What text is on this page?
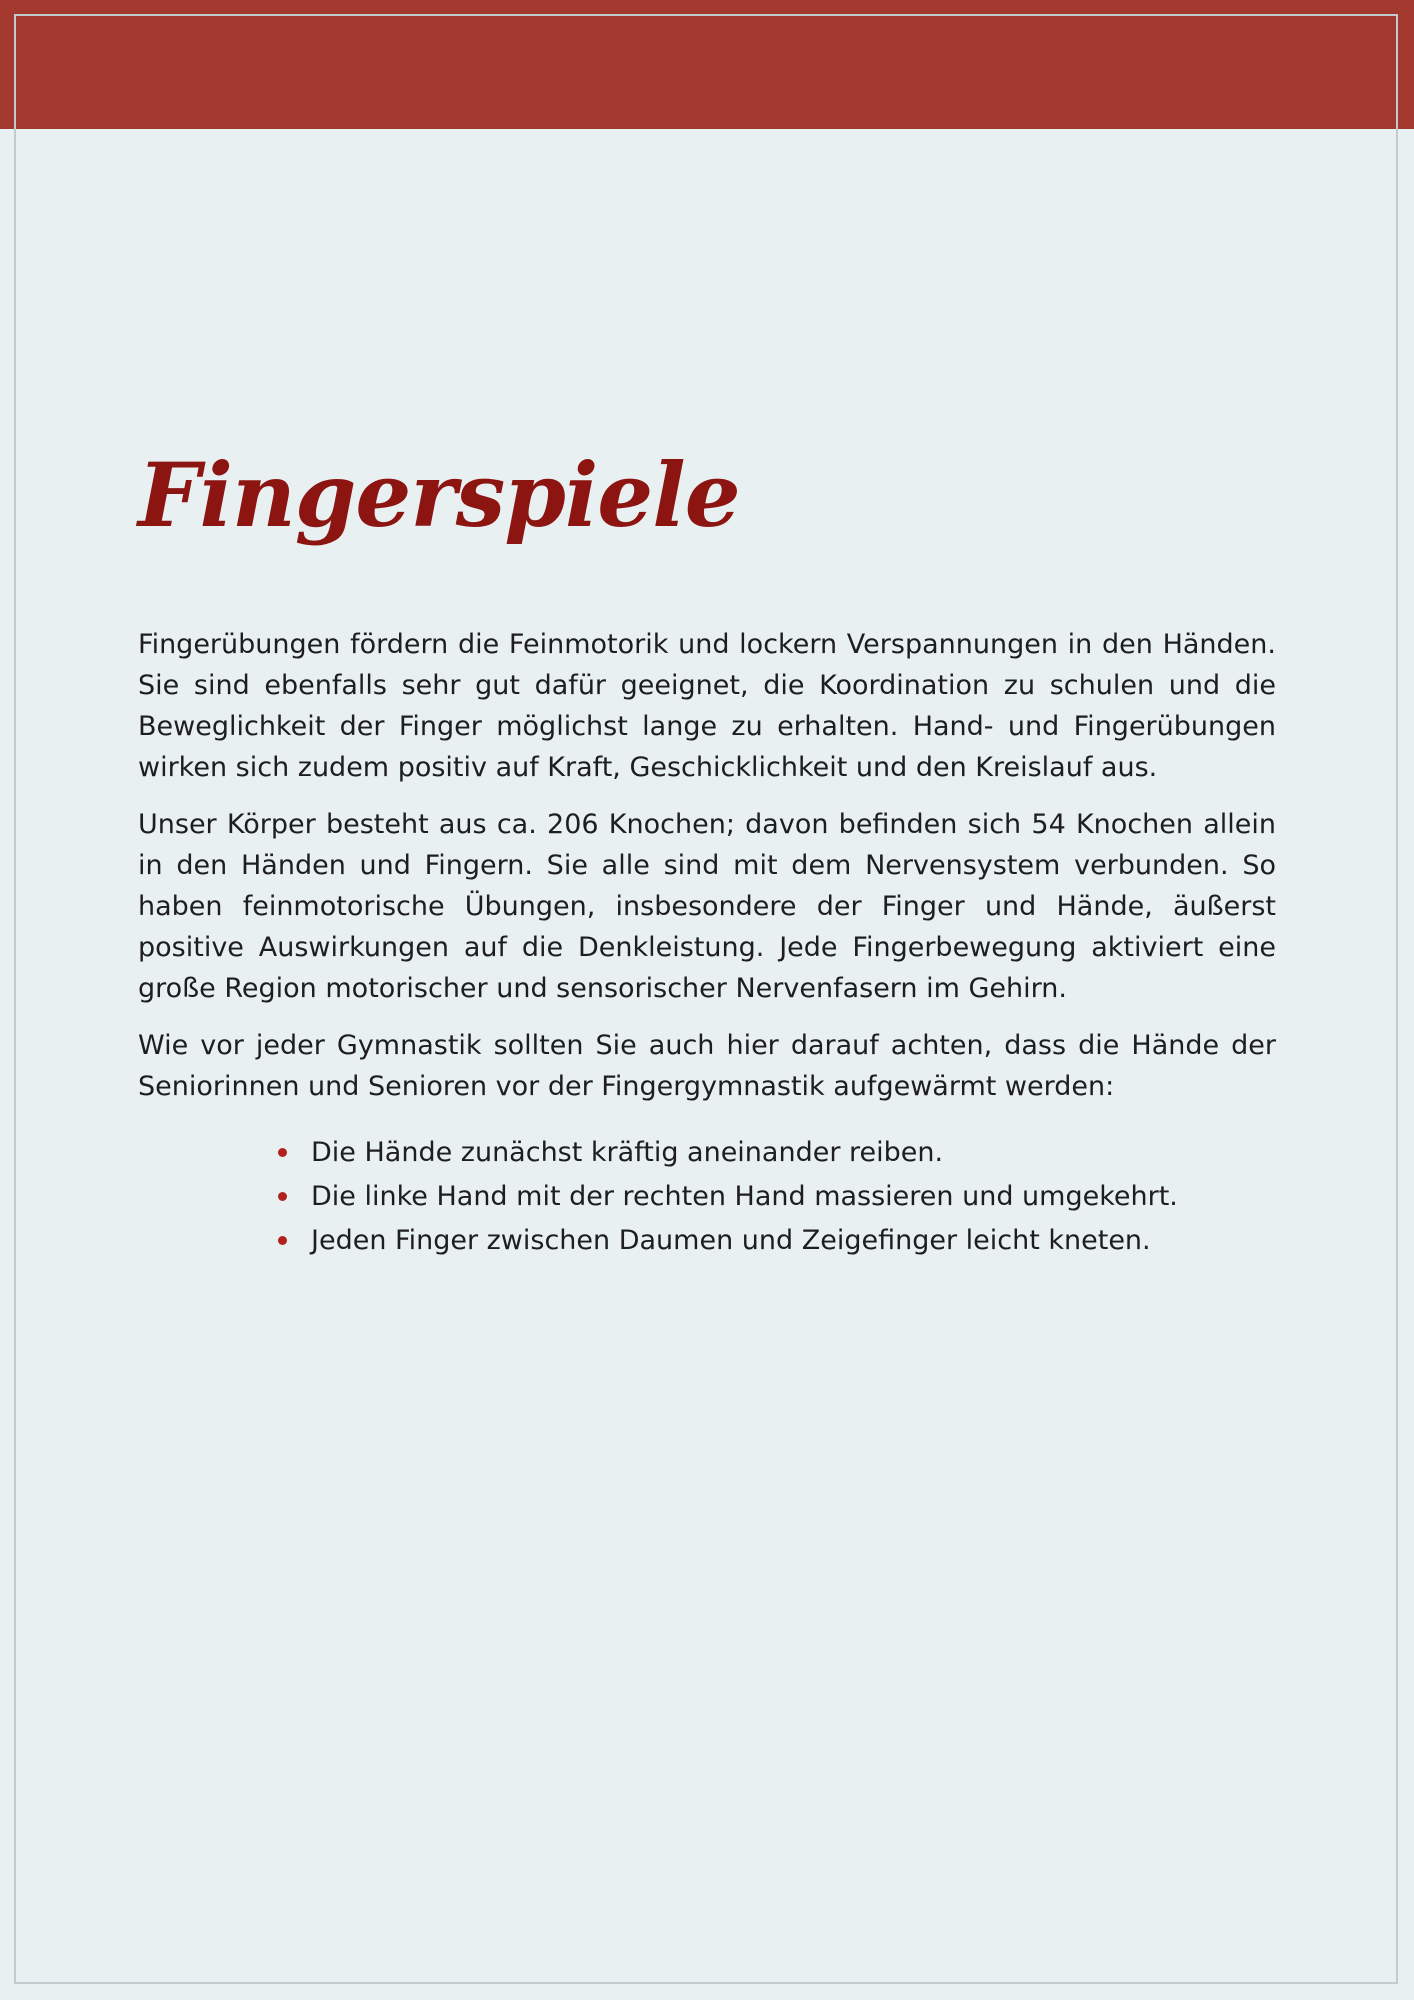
Fingerspiele

Fingerübungen fördern die Feinmotorik und lockern Verspannungen in den Händen. Sie sind ebenfalls sehr gut dafür geeignet, die Koordination zu schulen und die Beweglichkeit der Finger möglichst lange zu erhalten. Hand- und Fingerübungen wirken sich zudem positiv auf Kraft, Geschicklichkeit und den Kreislauf aus.

Unser Körper besteht aus ca. 206 Knochen; davon befinden sich 54 Knochen allein in den Händen und Fingern. Sie alle sind mit dem Nervensystem verbunden. So haben feinmotorische Übungen, insbesondere der Finger und Hände, äußerst positive Auswirkungen auf die Denkleistung. Jede Fingerbewegung aktiviert eine große Region motorischer und sensorischer Nervenfasern im Gehirn.

Wie vor jeder Gymnastik sollten Sie auch hier darauf achten, dass die Hände der Seniorinnen und Senioren vor der Fingergymnastik aufgewärmt werden:

Die Hände zunächst kräftig aneinander reiben.
Die linke Hand mit der rechten Hand massieren und umgekehrt.
Jeden Finger zwischen Daumen und Zeigefinger leicht kneten.
